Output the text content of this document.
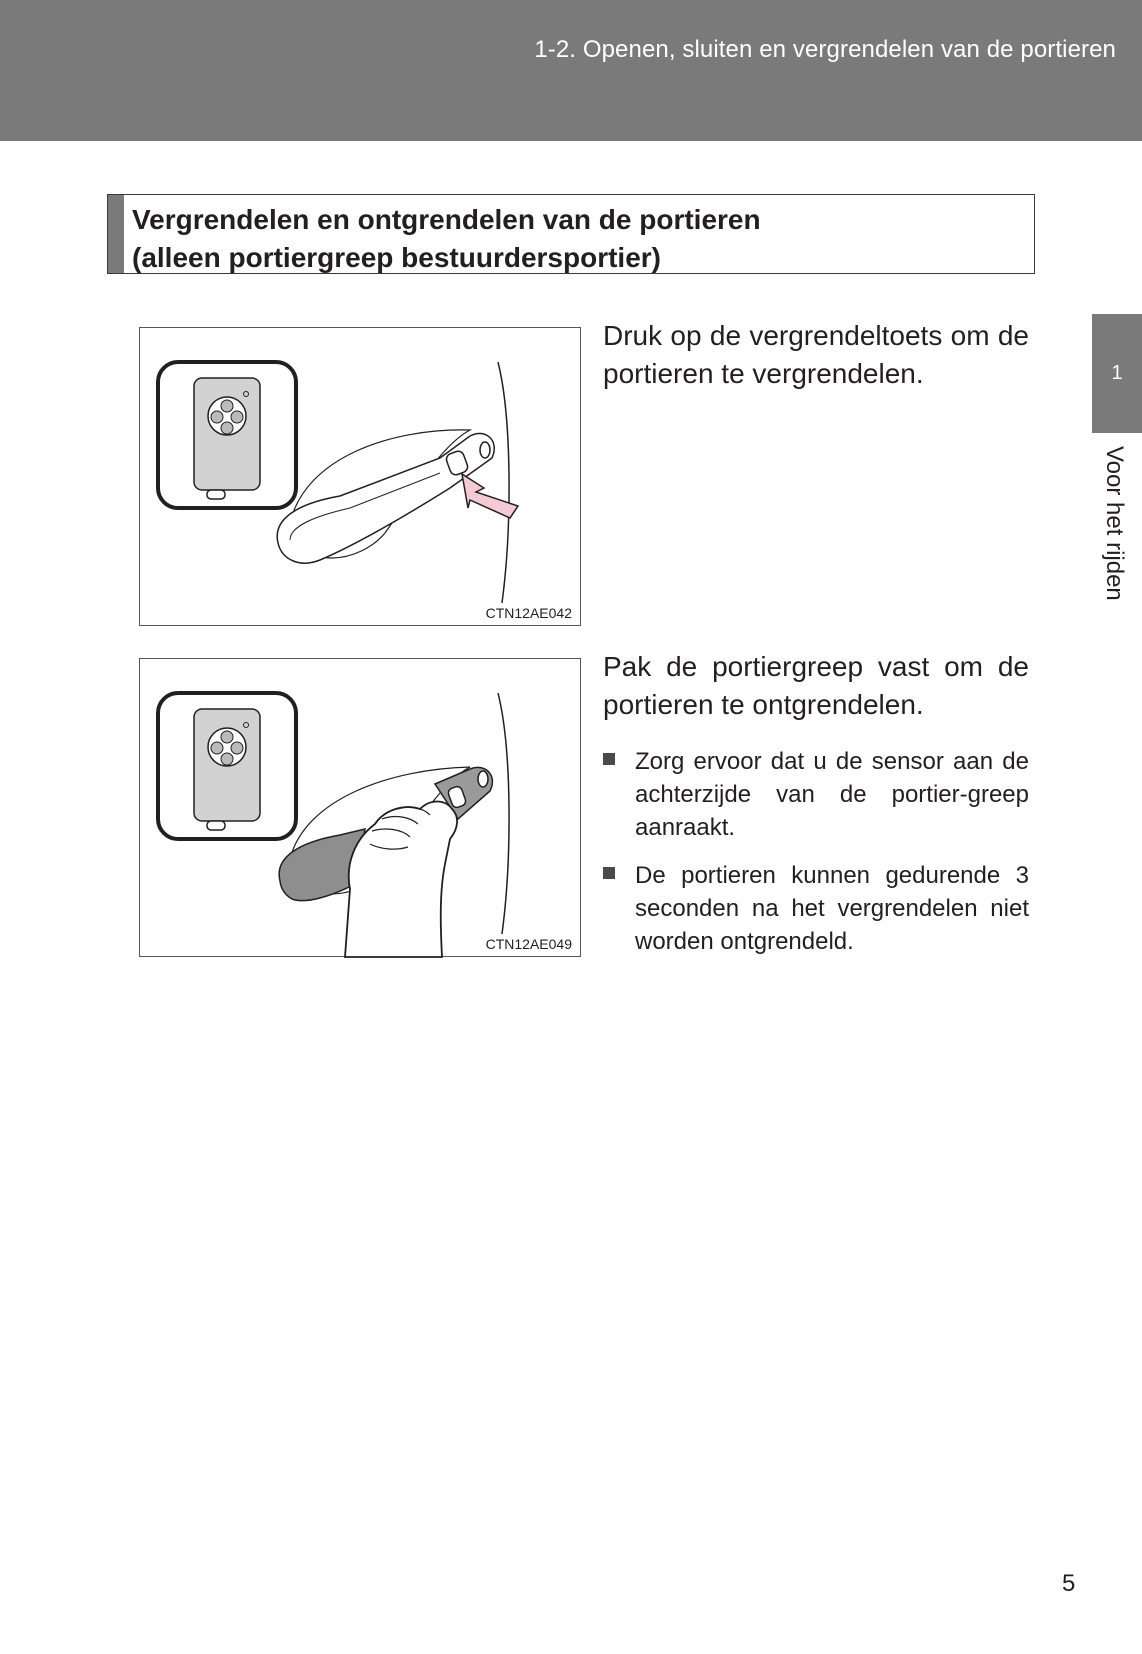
1-2. Openen, sluiten en vergrendelen van de portieren
Vergrendelen en ontgrendelen van de portieren
(alleen portiergreep bestuurdersportier)
1
Voor het rijden
CTN12AE042
Druk op de vergrendeltoets om de portieren te vergrendelen.
CTN12AE049
Pak de portiergreep vast om de portieren te ontgrendelen.
Zorg ervoor dat u de sensor aan de achterzijde van de portier-greep aanraakt.
De portieren kunnen gedurende 3 seconden na het vergrendelen niet worden ontgrendeld.
5
